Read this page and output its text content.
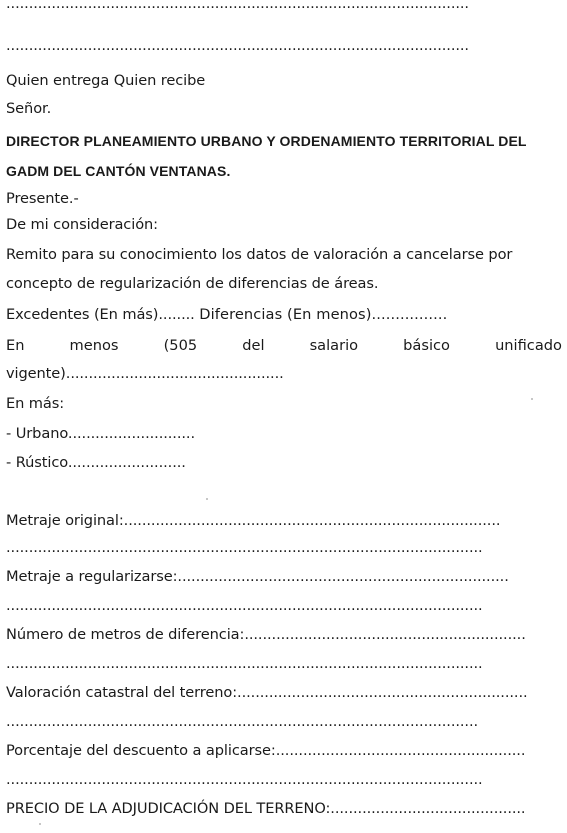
......................................................................................................
......................................................................................................
Quien entrega Quien recibe
Señor.
DIRECTOR PLANEAMIENTO URBANO Y ORDENAMIENTO TERRITORIAL DEL
GADM DEL CANTÓN VENTANAS.
Presente.-
De mi consideración:
Remito para su conocimiento los datos de valoración a cancelarse por
concepto de regularización de diferencias de áreas.
Excedentes (En más)........ Diferencias (En menos)................
En	menos	(505	del	salario	básico	unificado
vigente)................................................
En más:
- Urbano............................
- Rústico..........................
Metraje original:...................................................................................
.........................................................................................................
Metraje a regularizarse:.........................................................................
.........................................................................................................
Número de metros de diferencia:..............................................................
.........................................................................................................
Valoración catastral del terreno:................................................................
........................................................................................................
Porcentaje del descuento a aplicarse:.......................................................
.........................................................................................................
PRECIO DE LA ADJUDICACIÓN DEL TERRENO:...........................................
